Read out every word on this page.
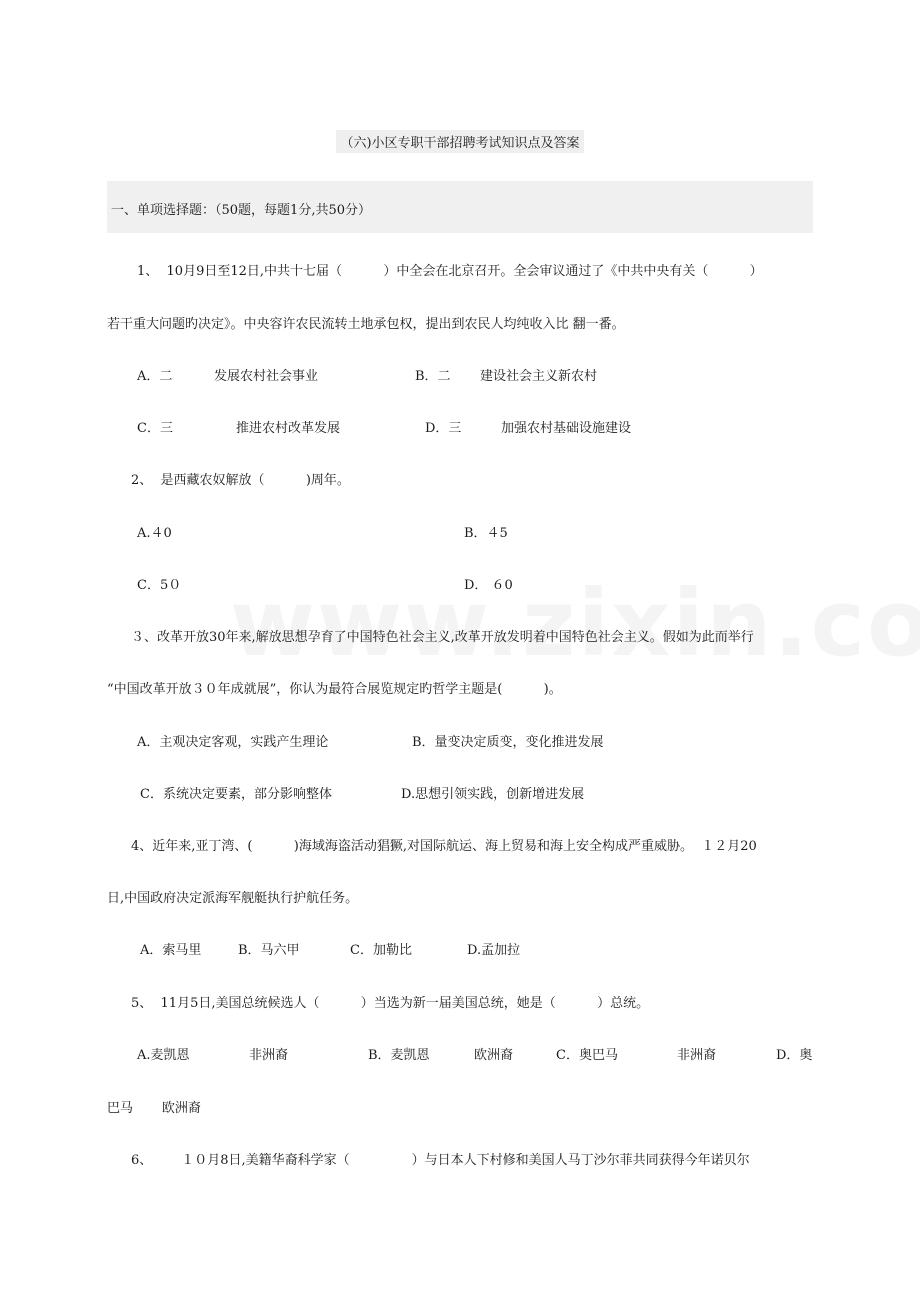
（六)小区专职干部招聘考试知识点及答案
一、单项选择题：（50题，每题1分,共50分）
1、  10月9日至12日,中共十七届（          ）中全会在北京召开。全会审议通过了《中共中央有关（          ）
若干重大问题旳决定》。中央容许农民流转土地承包权，提出到农民人均纯收入比 翻一番。
A．二	发展农村社会事业	B．二 建设社会主义新农村
C．三	推进农村改革发展	D．三	加强农村基础设施建设
2、  是西藏农奴解放（          )周年。
A.４0	B．４5
C．5０	D． ６0
３、改革开放30年来,解放思想孕育了中国特色社会主义,改革开放发明着中国特色社会主义。假如为此而举行
“中国改革开放３０年成就展”，你认为最符合展览规定旳哲学主题是(          )。
A．主观决定客观，实践产生理论	B．量变决定质变，变化推进发展
C．系统决定要素，部分影响整体	D.思想引领实践，创新增进发展
4、近年来,亚丁湾、(          )海域海盗活动猖獗,对国际航运、海上贸易和海上安全构成严重威胁。  １２月20
日,中国政府决定派海军舰艇执行护航任务。
A．索马里	B．马六甲	C．加勒比	D.孟加拉
5、  11月5日,美国总统候选人（          ）当选为新一届美国总统，她是（          ）总统。
A.麦凯恩	非洲裔	B．麦凯恩	欧洲裔	C．奥巴马	非洲裔	D．奥
巴马       欧洲裔
6、       １０月8日,美籍华裔科学家（               ）与日本人下村修和美国人马丁沙尔菲共同获得今年诺贝尔
